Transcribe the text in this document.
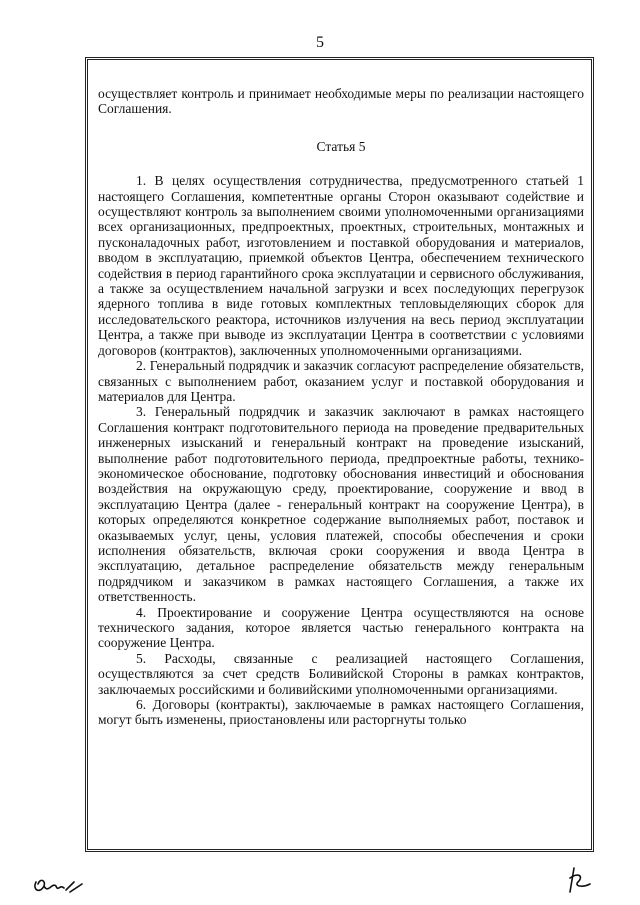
5

осуществляет контроль и принимает необходимые меры по реализации настоящего Соглашения.

Статья 5

1. В целях осуществления сотрудничества, предусмотренного статьей 1 настоящего Соглашения, компетентные органы Сторон оказывают содействие и осуществляют контроль за выполнением своими уполномоченными организациями всех организационных, предпроектных, проектных, строительных, монтажных и пусконаладочных работ, изготовлением и поставкой оборудования и материалов, вводом в эксплуатацию, приемкой объектов Центра, обеспечением технического содействия в период гарантийного срока эксплуатации и сервисного обслуживания, а также за осуществлением начальной загрузки и всех последующих перегрузок ядерного топлива в виде готовых комплектных тепловыделяющих сборок для исследовательского реактора, источников излучения на весь период эксплуатации Центра, а также при выводе из эксплуатации Центра в соответствии с условиями договоров (контрактов), заключенных уполномоченными организациями.

2. Генеральный подрядчик и заказчик согласуют распределение обязательств, связанных с выполнением работ, оказанием услуг и поставкой оборудования и материалов для Центра.

3. Генеральный подрядчик и заказчик заключают в рамках настоящего Соглашения контракт подготовительного периода на проведение предварительных инженерных изысканий и генеральный контракт на проведение изысканий, выполнение работ подготовительного периода, предпроектные работы, технико-экономическое обоснование, подготовку обоснования инвестиций и обоснования воздействия на окружающую среду, проектирование, сооружение и ввод в эксплуатацию Центра (далее - генеральный контракт на сооружение Центра), в которых определяются конкретное содержание выполняемых работ, поставок и оказываемых услуг, цены, условия платежей, способы обеспечения и сроки исполнения обязательств, включая сроки сооружения и ввода Центра в эксплуатацию, детальное распределение обязательств между генеральным подрядчиком и заказчиком в рамках настоящего Соглашения, а также их ответственность.

4. Проектирование и сооружение Центра осуществляются на основе технического задания, которое является частью генерального контракта на сооружение Центра.

5. Расходы, связанные с реализацией настоящего Соглашения, осуществляются за счет средств Боливийской Стороны в рамках контрактов, заключаемых российскими и боливийскими уполномоченными организациями.

6. Договоры (контракты), заключаемые в рамках настоящего Соглашения, могут быть изменены, приостановлены или расторгнуты только
